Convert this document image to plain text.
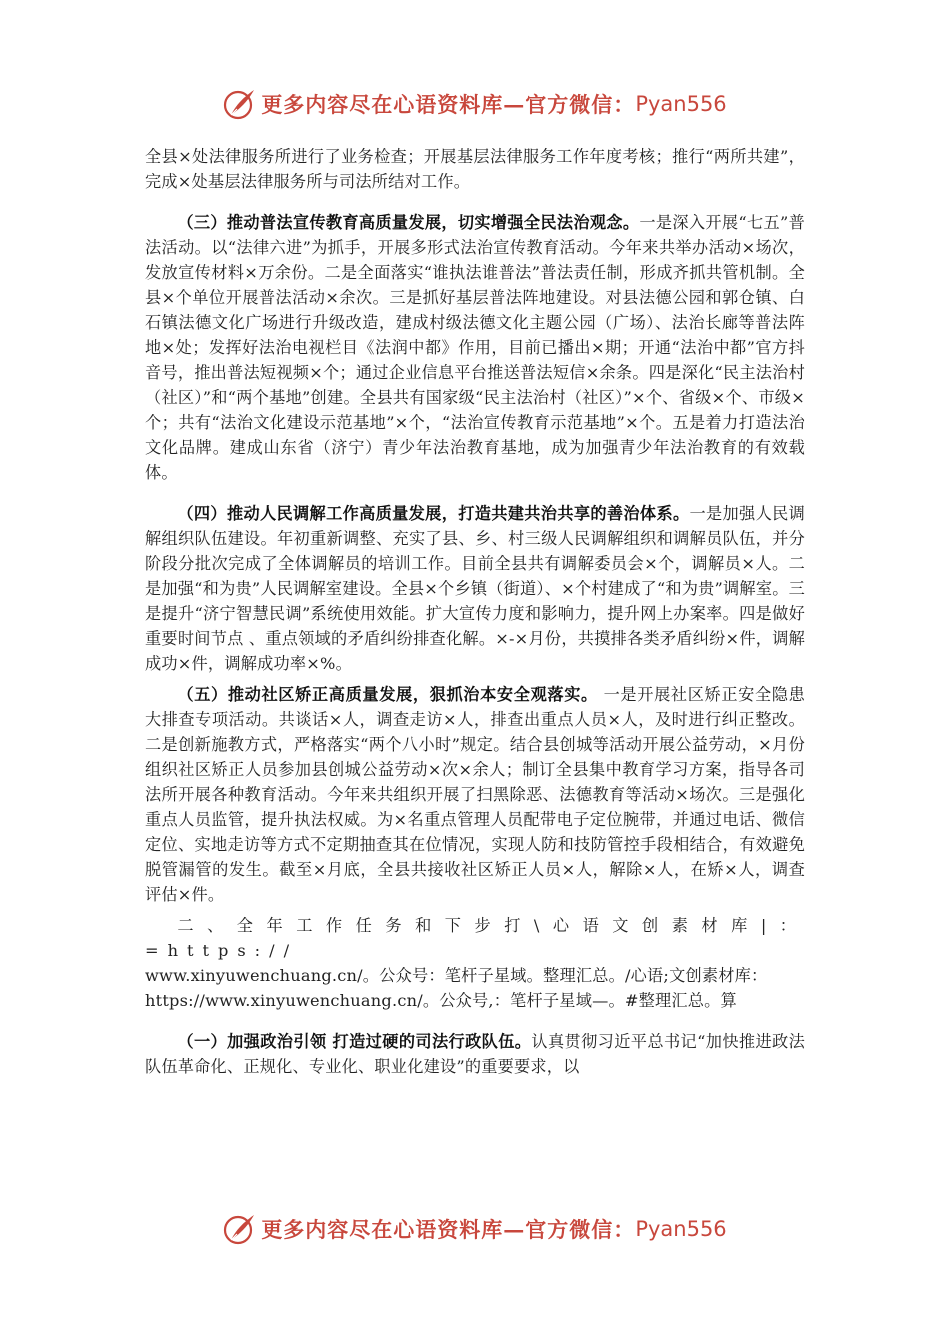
更多内容尽在心语资料库—官方微信： Pyan556

全县×处法律服务所进行了业务检查；开展基层法律服务工作年度考核；推行“两所共建”，完成×处基层法律服务所与司法所结对工作。

（三）推动普法宣传教育高质量发展，切实增强全民法治观念。一是深入开展“七五”普法活动。以“法律六进”为抓手，开展多形式法治宣传教育活动。今年来共举办活动×场次，发放宣传材料×万余份。二是全面落实“谁执法谁普法”普法责任制，形成齐抓共管机制。全县×个单位开展普法活动×余次。三是抓好基层普法阵地建设。对县法德公园和郭仓镇、白石镇法德文化广场进行升级改造，建成村级法德文化主题公园（广场）、法治长廊等普法阵地×处；发挥好法治电视栏目《法润中都》作用，目前已播出×期；开通“法治中都”官方抖音号，推出普法短视频×个；通过企业信息平台推送普法短信×余条。四是深化“民主法治村（社区）”和“两个基地”创建。全县共有国家级“民主法治村（社区）”×个、省级×个、市级×个；共有“法治文化建设示范基地”×个，“法治宣传教育示范基地”×个。五是着力打造法治文化品牌。建成山东省（济宁）青少年法治教育基地，成为加强青少年法治教育的有效载体。

（四）推动人民调解工作高质量发展，打造共建共治共享的善治体系。一是加强人民调解组织队伍建设。年初重新调整、充实了县、乡、村三级人民调解组织和调解员队伍，并分阶段分批次完成了全体调解员的培训工作。目前全县共有调解委员会×个，调解员×人。二是加强“和为贵”人民调解室建设。全县×个乡镇（街道）、×个村建成了“和为贵”调解室。三是提升“济宁智慧民调”系统使用效能。扩大宣传力度和影响力，提升网上办案率。四是做好重要时间节点 、重点领域的矛盾纠纷排查化解。×-×月份，共摸排各类矛盾纠纷×件，调解成功×件，调解成功率×%。

（五）推动社区矫正高质量发展，狠抓治本安全观落实。 一是开展社区矫正安全隐患大排查专项活动。共谈话×人，调查走访×人，排查出重点人员×人，及时进行纠正整改。二是创新施教方式，严格落实“两个八小时”规定。结合县创城等活动开展公益劳动，×月份组织社区矫正人员参加县创城公益劳动×次×余人；制订全县集中教育学习方案，指导各司法所开展各种教育活动。今年来共组织开展了扫黑除恶、法德教育等活动×场次。三是强化重点人员监管，提升执法权威。为×名重点管理人员配带电子定位腕带，并通过电话、微信定位、实地走访等方式不定期抽查其在位情况，实现人防和技防管控手段相结合，有效避免脱管漏管的发生。截至×月底，全县共接收社区矫正人员×人，解除×人，在矫×人，调查评估×件。

二、全年工作任务和下步打\心语文创素材库|：=https://
www.xinyuwenchuang.cn/。公众号：笔杆子星域。整理汇总。/心语;文创素材库：
https://www.xinyuwenchuang.cn/。公众号,：笔杆子星域—。#整理汇总。算

（一）加强政治引领 打造过硬的司法行政队伍。认真贯彻习近平总书记“加快推进政法队伍革命化、正规化、专业化、职业化建设”的重要要求，以

更多内容尽在心语资料库—官方微信： Pyan556
